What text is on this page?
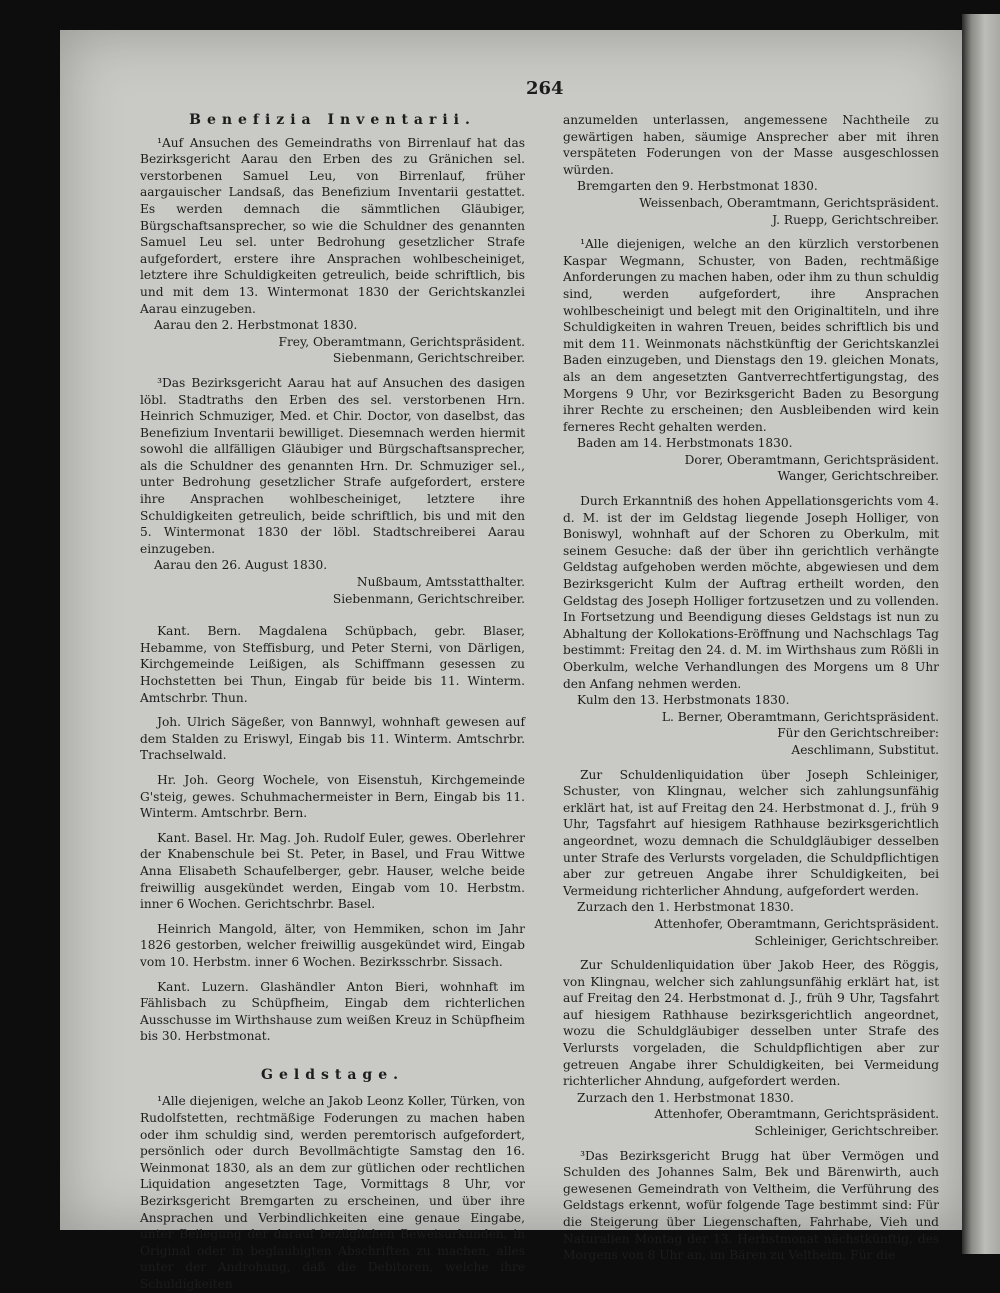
264
Benefizia Inventarii.

¹Auf Ansuchen des Gemeindraths von Birrenlauf hat das Bezirksgericht Aarau den Erben des zu Gränichen sel. verstorbenen Samuel Leu, von Birrenlauf, früher aargauischer Landsaß, das Benefizium Inventarii gestattet. Es werden demnach die sämmtlichen Gläubiger, Bürgschaftsansprecher, so wie die Schuldner des genannten Samuel Leu sel. unter Bedrohung gesetzlicher Strafe aufgefordert, erstere ihre Ansprachen wohlbescheiniget, letztere ihre Schuldigkeiten getreulich, beide schriftlich, bis und mit dem 13. Wintermonat 1830 der Gerichtskanzlei Aarau einzugeben.

Aarau den 2. Herbstmonat 1830.

Frey, Oberamtmann, Gerichtspräsident.

Siebenmann, Gerichtschreiber.

³Das Bezirksgericht Aarau hat auf Ansuchen des dasigen löbl. Stadtraths den Erben des sel. verstorbenen Hrn. Heinrich Schmuziger, Med. et Chir. Doctor, von daselbst, das Benefizium Inventarii bewilliget. Diesemnach werden hiermit sowohl die allfälligen Gläubiger und Bürgschaftsansprecher, als die Schuldner des genannten Hrn. Dr. Schmuziger sel., unter Bedrohung gesetzlicher Strafe aufgefordert, erstere ihre Ansprachen wohlbescheiniget, letztere ihre Schuldigkeiten getreulich, beide schriftlich, bis und mit den 5. Wintermonat 1830 der löbl. Stadtschreiberei Aarau einzugeben.

Aarau den 26. August 1830.

Nußbaum, Amtsstatthalter.

Siebenmann, Gerichtschreiber.

Kant. Bern. Magdalena Schüpbach, gebr. Blaser, Hebamme, von Steffisburg, und Peter Sterni, von Därligen, Kirchgemeinde Leißigen, als Schiffmann gesessen zu Hochstetten bei Thun, Eingab für beide bis 11. Winterm. Amtschrbr. Thun.

Joh. Ulrich Sägeßer, von Bannwyl, wohnhaft gewesen auf dem Stalden zu Eriswyl, Eingab bis 11. Winterm. Amtschrbr. Trachselwald.

Hr. Joh. Georg Wochele, von Eisenstuh, Kirchgemeinde G'steig, gewes. Schuhmachermeister in Bern, Eingab bis 11. Winterm. Amtschrbr. Bern.

Kant. Basel. Hr. Mag. Joh. Rudolf Euler, gewes. Oberlehrer der Knabenschule bei St. Peter, in Basel, und Frau Wittwe Anna Elisabeth Schaufelberger, gebr. Hauser, welche beide freiwillig ausgekündet werden, Eingab vom 10. Herbstm. inner 6 Wochen. Gerichtschrbr. Basel.

Heinrich Mangold, älter, von Hemmiken, schon im Jahr 1826 gestorben, welcher freiwillig ausgekündet wird, Eingab vom 10. Herbstm. inner 6 Wochen. Bezirksschrbr. Sissach.

Kant. Luzern. Glashändler Anton Bieri, wohnhaft im Fählisbach zu Schüpfheim, Eingab dem richterlichen Ausschusse im Wirthshause zum weißen Kreuz in Schüpfheim bis 30. Herbstmonat.

Geldstage.

¹Alle diejenigen, welche an Jakob Leonz Koller, Türken, von Rudolfstetten, rechtmäßige Foderungen zu machen haben oder ihm schuldig sind, werden peremtorisch aufgefordert, persönlich oder durch Bevollmächtigte Samstag den 16. Weinmonat 1830, als an dem zur gütlichen oder rechtlichen Liquidation angesetzten Tage, Vormittags 8 Uhr, vor Bezirksgericht Bremgarten zu erscheinen, und über ihre Ansprachen und Verbindlichkeiten eine genaue Eingabe, unter Beilegung der darauf bezüglichen Beweisurkunden, in Original oder in beglaubigten Abschriften zu machen, alles unter der Androhung, daß die Debitoren, welche ihre Schuldigkeiten

anzumelden unterlassen, angemessene Nachtheile zu gewärtigen haben, säumige Ansprecher aber mit ihren verspäteten Foderungen von der Masse ausgeschlossen würden.

Bremgarten den 9. Herbstmonat 1830.

Weissenbach, Oberamtmann, Gerichtspräsident.

J. Ruepp, Gerichtschreiber.

¹Alle diejenigen, welche an den kürzlich verstorbenen Kaspar Wegmann, Schuster, von Baden, rechtmäßige Anforderungen zu machen haben, oder ihm zu thun schuldig sind, werden aufgefordert, ihre Ansprachen wohlbescheinigt und belegt mit den Originaltiteln, und ihre Schuldigkeiten in wahren Treuen, beides schriftlich bis und mit dem 11. Weinmonats nächstkünftig der Gerichtskanzlei Baden einzugeben, und Dienstags den 19. gleichen Monats, als an dem angesetzten Gantverrechtfertigungstag, des Morgens 9 Uhr, vor Bezirksgericht Baden zu Besorgung ihrer Rechte zu erscheinen; den Ausbleibenden wird kein ferneres Recht gehalten werden.

Baden am 14. Herbstmonats 1830.

Dorer, Oberamtmann, Gerichtspräsident.

Wanger, Gerichtschreiber.

Durch Erkanntniß des hohen Appellationsgerichts vom 4. d. M. ist der im Geldstag liegende Joseph Holliger, von Boniswyl, wohnhaft auf der Schoren zu Oberkulm, mit seinem Gesuche: daß der über ihn gerichtlich verhängte Geldstag aufgehoben werden möchte, abgewiesen und dem Bezirksgericht Kulm der Auftrag ertheilt worden, den Geldstag des Joseph Holliger fortzusetzen und zu vollenden. In Fortsetzung und Beendigung dieses Geldstags ist nun zu Abhaltung der Kollokations-Eröffnung und Nachschlags Tag bestimmt: Freitag den 24. d. M. im Wirthshaus zum Rößli in Oberkulm, welche Verhandlungen des Morgens um 8 Uhr den Anfang nehmen werden.

Kulm den 13. Herbstmonats 1830.

L. Berner, Oberamtmann, Gerichtspräsident.

Für den Gerichtschreiber:

Aeschlimann, Substitut.

Zur Schuldenliquidation über Joseph Schleiniger, Schuster, von Klingnau, welcher sich zahlungsunfähig erklärt hat, ist auf Freitag den 24. Herbstmonat d. J., früh 9 Uhr, Tagsfahrt auf hiesigem Rathhause bezirksgerichtlich angeordnet, wozu demnach die Schuldgläubiger desselben unter Strafe des Verlursts vorgeladen, die Schuldpflichtigen aber zur getreuen Angabe ihrer Schuldigkeiten, bei Vermeidung richterlicher Ahndung, aufgefordert werden.

Zurzach den 1. Herbstmonat 1830.

Attenhofer, Oberamtmann, Gerichtspräsident.

Schleiniger, Gerichtschreiber.

Zur Schuldenliquidation über Jakob Heer, des Röggis, von Klingnau, welcher sich zahlungsunfähig erklärt hat, ist auf Freitag den 24. Herbstmonat d. J., früh 9 Uhr, Tagsfahrt auf hiesigem Rathhause bezirksgerichtlich angeordnet, wozu die Schuldgläubiger desselben unter Strafe des Verlursts vorgeladen, die Schuldpflichtigen aber zur getreuen Angabe ihrer Schuldigkeiten, bei Vermeidung richterlicher Ahndung, aufgefordert werden.

Zurzach den 1. Herbstmonat 1830.

Attenhofer, Oberamtmann, Gerichtspräsident.

Schleiniger, Gerichtschreiber.

³Das Bezirksgericht Brugg hat über Vermögen und Schulden des Johannes Salm, Bek und Bärenwirth, auch gewesenen Gemeindrath von Veltheim, die Verführung des Geldstags erkennt, wofür folgende Tage bestimmt sind: Für die Steigerung über Liegenschaften, Fahrhabe, Vieh und Naturalien Montag der 13. Herbstmonat nächstkünftig, des Morgens von 8 Uhr an, im Bären zu Veltheim. Für die
